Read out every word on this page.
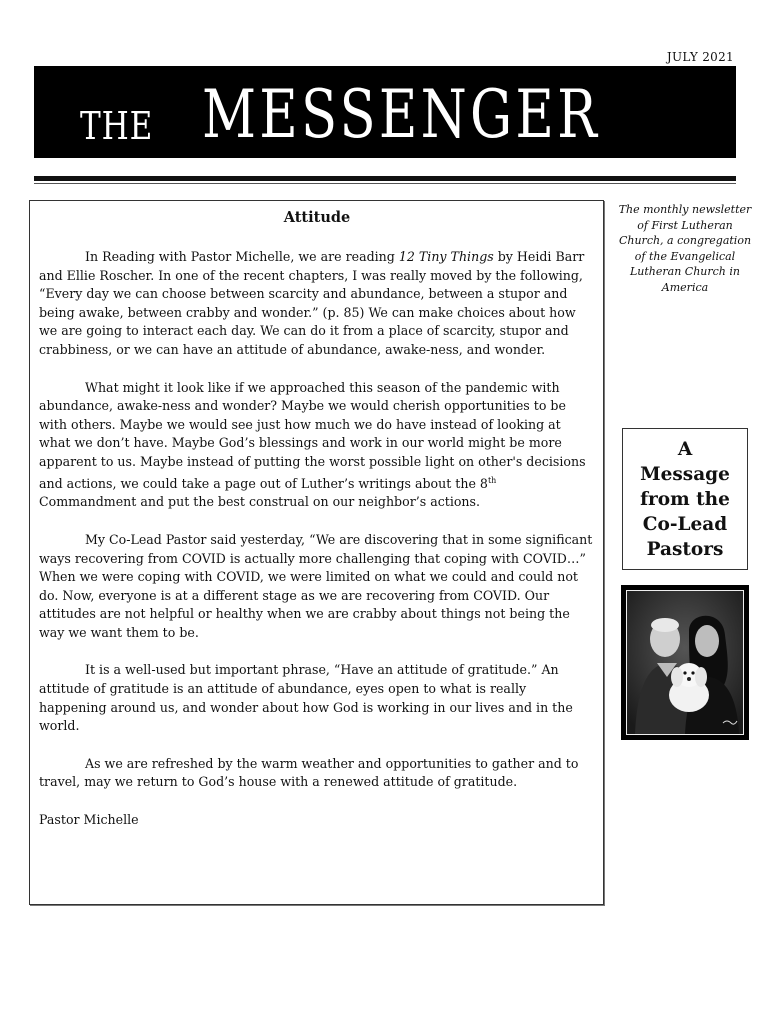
JULY 2021
THE MESSENGER
Attitude

In Reading with Pastor Michelle, we are reading 12 Tiny Things by Heidi Barr and Ellie Roscher. In one of the recent chapters, I was really moved by the following, “Every day we can choose between scarcity and abundance, between a stupor and being awake, between crabby and wonder.” (p. 85) We can make choices about how we are going to interact each day. We can do it from a place of scarcity, stupor and crabbiness, or we can have an attitude of abundance, awake-ness, and wonder.

What might it look like if we approached this season of the pandemic with abundance, awake-ness and wonder? Maybe we would cherish opportunities to be with others. Maybe we would see just how much we do have instead of looking at what we don’t have. Maybe God’s blessings and work in our world might be more apparent to us. Maybe instead of putting the worst possible light on other's decisions and actions, we could take a page out of Luther’s writings about the 8th Commandment and put the best construal on our neighbor’s actions.

My Co-Lead Pastor said yesterday, “We are discovering that in some significant ways recovering from COVID is actually more challenging that coping with COVID…” When we were coping with COVID, we were limited on what we could and could not do. Now, everyone is at a different stage as we are recovering from COVID. Our attitudes are not helpful or healthy when we are crabby about things not being the way we want them to be.

It is a well-used but important phrase, “Have an attitude of gratitude.” An attitude of gratitude is an attitude of abundance, eyes open to what is really happening around us, and wonder about how God is working in our lives and in the world.

As we are refreshed by the warm weather and opportunities to gather and to travel, may we return to God’s house with a renewed attitude of gratitude.

Pastor Michelle

The monthly newsletter of First Lutheran Church, a congregation of the Evangelical Lutheran Church in America
A
Message
from the
Co-Lead
Pastors
